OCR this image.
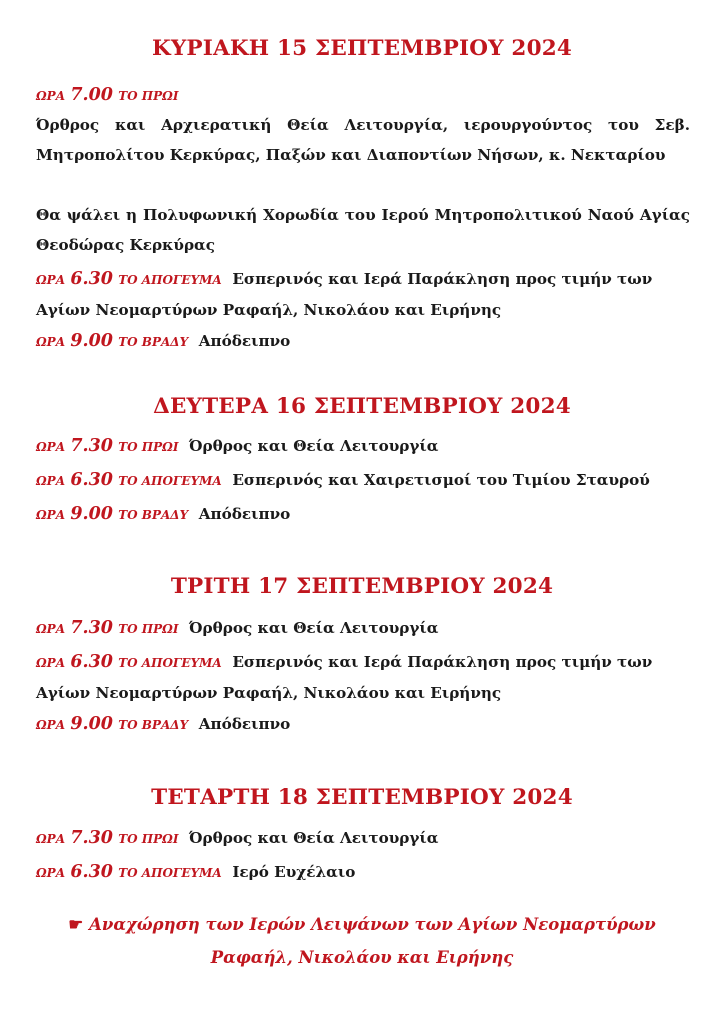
ΚΥΡΙΑΚΗ 15 ΣΕΠΤΕΜΒΡΙΟΥ 2024
ΩΡΑ 7.00 ΤΟ ΠΡΩΙ
Όρθρος και Αρχιερατική Θεία Λειτουργία, ιερουργούντος του Σεβ. Μητροπολίτου Κερκύρας, Παξών και Διαποντίων Νήσων, κ. Νεκταρίου
Θα ψάλει η Πολυφωνική Χορωδία του Ιερού Μητροπολιτικού Ναού Αγίας Θεοδώρας Κερκύρας
ΩΡΑ 6.30 ΤΟ ΑΠΟΓΕΥΜΑ Εσπερινός και Ιερά Παράκληση προς τιμήν των Αγίων Νεομαρτύρων Ραφαήλ, Νικολάου και Ειρήνης
ΩΡΑ 9.00 ΤΟ ΒΡΑΔΥ Απόδειπνο
ΔΕΥΤΕΡΑ 16 ΣΕΠΤΕΜΒΡΙΟΥ 2024
ΩΡΑ 7.30 ΤΟ ΠΡΩΙ Όρθρος και Θεία Λειτουργία
ΩΡΑ 6.30 ΤΟ ΑΠΟΓΕΥΜΑ Εσπερινός και Χαιρετισμοί του Τιμίου Σταυρού
ΩΡΑ 9.00 ΤΟ ΒΡΑΔΥ Απόδειπνο
ΤΡΙΤΗ 17 ΣΕΠΤΕΜΒΡΙΟΥ 2024
ΩΡΑ 7.30 ΤΟ ΠΡΩΙ Όρθρος και Θεία Λειτουργία
ΩΡΑ 6.30 ΤΟ ΑΠΟΓΕΥΜΑ Εσπερινός και Ιερά Παράκληση προς τιμήν των Αγίων Νεομαρτύρων Ραφαήλ, Νικολάου και Ειρήνης
ΩΡΑ 9.00 ΤΟ ΒΡΑΔΥ Απόδειπνο
ΤΕΤΑΡΤΗ 18 ΣΕΠΤΕΜΒΡΙΟΥ 2024
ΩΡΑ 7.30 ΤΟ ΠΡΩΙ Όρθρος και Θεία Λειτουργία
ΩΡΑ 6.30 ΤΟ ΑΠΟΓΕΥΜΑ Ιερό Ευχέλαιο
☛ Αναχώρηση των Ιερών Λειψάνων των Αγίων Νεομαρτύρων
Ραφαήλ, Νικολάου και Ειρήνης
